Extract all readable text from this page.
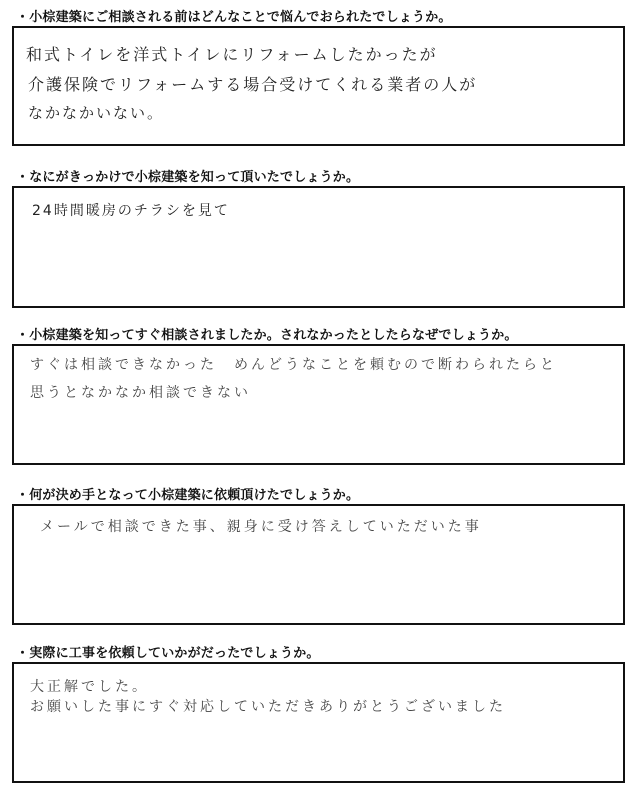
・小棕建築にご相談される前はどんなことで悩んでおられたでしょうか。
和式トイレを洋式トイレにリフォームしたかったが
介護保険でリフォームする場合受けてくれる業者の人が
なかなかいない。
・なにがきっかけで小棕建築を知って頂いたでしょうか。
24時間暖房のチラシを見て
・小棕建築を知ってすぐ相談されましたか。されなかったとしたらなぜでしょうか。
すぐは相談できなかった　めんどうなことを頼むので断わられたらと
思うとなかなか相談できない
・何が決め手となって小棕建築に依頼頂けたでしょうか。
メールで相談できた事、親身に受け答えしていただいた事
・実際に工事を依頼していかがだったでしょうか。
大正解でした。
お願いした事にすぐ対応していただきありがとうございました
